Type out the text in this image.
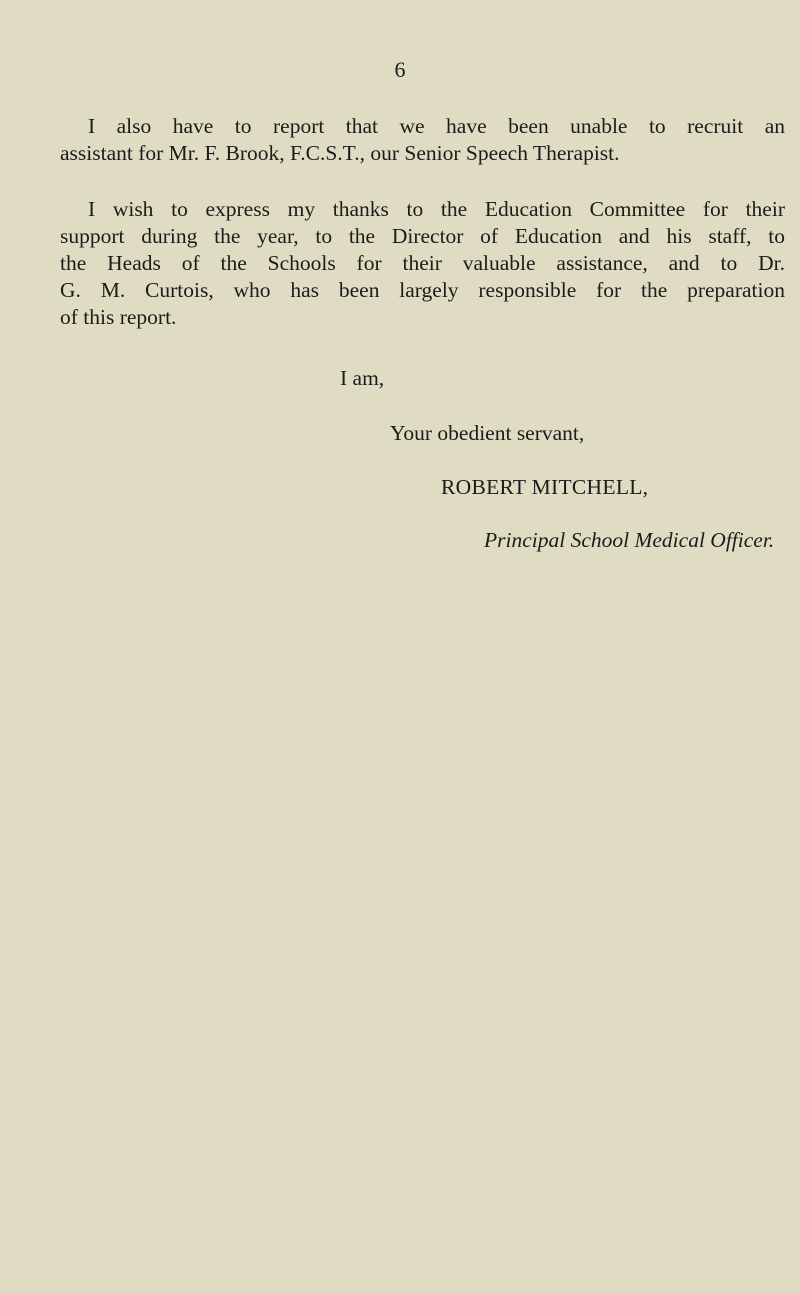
6
I also have to report that we have been unable to recruit an
assistant for Mr. F. Brook, F.C.S.T., our Senior Speech Therapist.
I wish to express my thanks to the Education Committee for their
support during the year, to the Director of Education and his staff, to
the Heads of the Schools for their valuable assistance, and to Dr.
G. M. Curtois, who has been largely responsible for the preparation
of this report.
I am,
Your obedient servant,
ROBERT MITCHELL,
Principal School Medical Officer.
